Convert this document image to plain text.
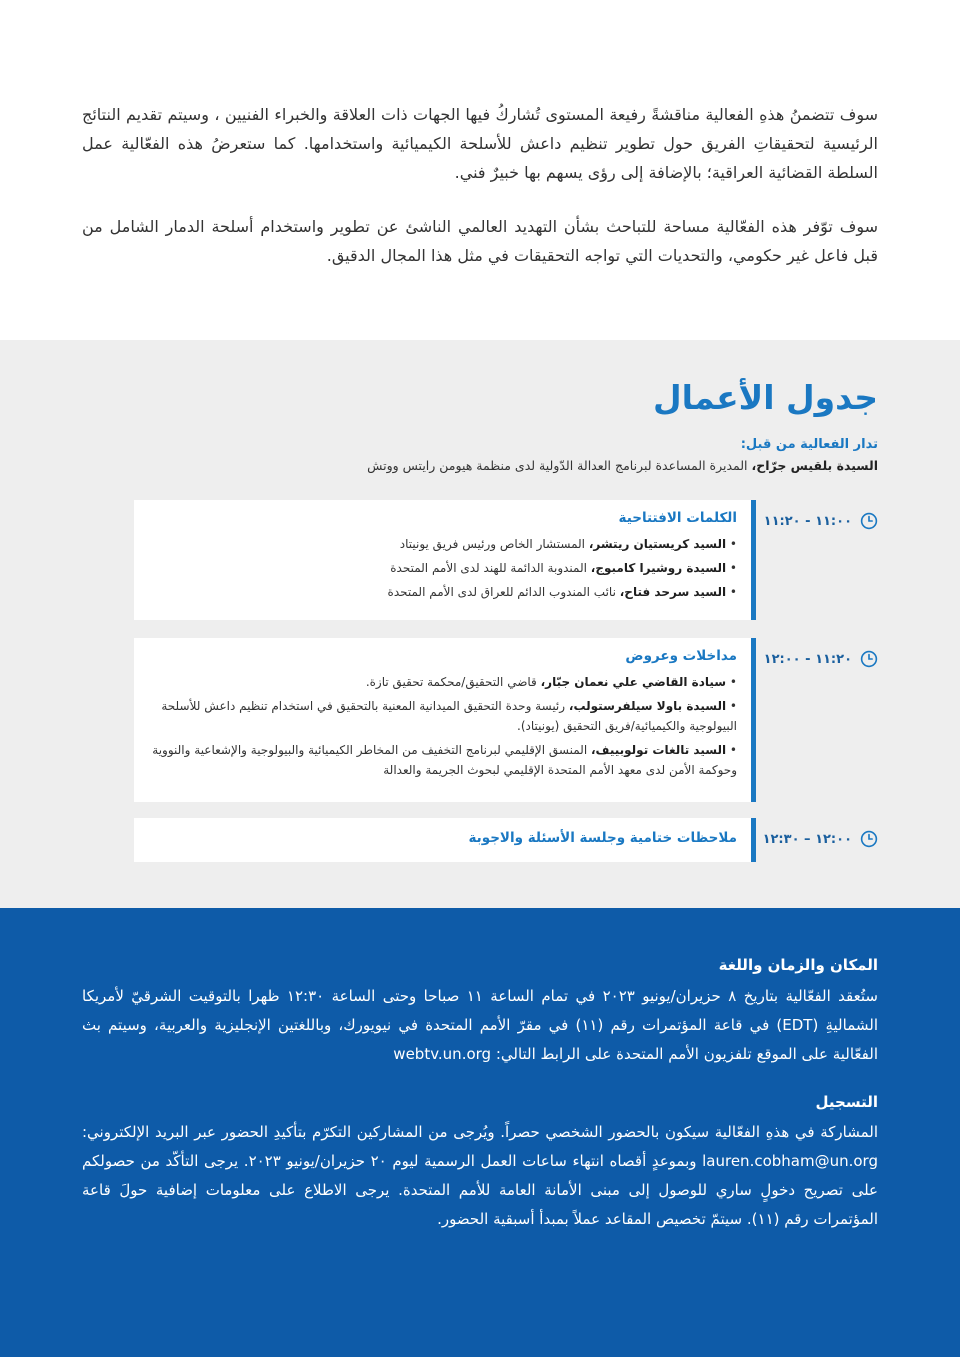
سوف تتضمنُ هذهِ الفعالية مناقشةً رفيعة المستوى تُشاركُ فيها الجهات ذات العلاقة والخبراء الفنيين ، وسيتم تقديم النتائج الرئيسية لتحقيقاتِ الفريق حول تطوير تنظيم داعش للأسلحة الكيميائية واستخدامها. كما ستعرضُ هذه الفعّالية عمل السلطة القضائية العراقية؛ بالإضافة إلى رؤى يسهم بها خبيرٌ فني.

سوف توّفر هذه الفعّالية مساحة للتباحث بشأن التهديد العالمي الناشئ عن تطوير واستخدام أسلحة الدمار الشامل من قبل فاعل غير حكومي، والتحديات التي تواجه التحقيقات في مثل هذا المجال الدقيق.

جدول الأعمال
تدار الفعالية من قبل:
السيدة بلقيس جرّاح، المديرة المساعدة لبرنامج العدالة الدّولية لدى منظمة هيومن رايتس ووتش
١١:٠٠ - ١١:٢٠
الكلمات الافتتاحية
• السيد كريستيان ريتشر، المستشار الخاص ورئيس فريق يونيتاد
• السيدة روشيرا كامبوج، المندوبة الدائمة للهند لدى الأمم المتحدة
• السيد سرحد فتاح، نائب المندوب الدائم للعراق لدى الأمم المتحدة
١١:٢٠ - ١٢:٠٠
مداخلات وعروض
• سيادة القاضي علي نعمان جبّار، قاضي التحقيق/محكمة تحقيق تازة.
• السيدة باولا سيلفرستولب، رئيسة وحدة التحقيق الميدانية المعنية بالتحقيق في استخدام تنظيم داعش للأسلحة البيولوجية والكيميائية/فريق التحقيق (يونيتاد).
• السيد تالغات تولوبييف، المنسق الإقليمي لبرنامج التخفيف من المخاطر الكيميائية والبيولوجية والإشعاعية والنووية وحوكمة الأمن لدى معهد الأمم المتحدة الإقليمي لبحوث الجريمة والعدالة
١٢:٠٠ – ١٢:٣٠
ملاحظات ختامية وجلسة الأسئلة والاجوبة
المكان والزمان واللغة

ستُعقد الفعّالية بتاريخ ٨ حزيران/يونيو ٢٠٢٣ في تمام الساعة ١١ صباحا وحتى الساعة ١٢:٣٠ ظهرا بالتوقيت الشرقيّ لأمريكا الشماليةِ (EDT) في قاعة المؤتمرات رقم (١١) في مقرّ الأمم المتحدة في نيويورك، وباللغتين الإنجليزية والعربية، وسيتم بث الفعّالية على الموقع تلفزيون الأمم المتحدة على الرابط التالي: webtv.un.org

التسجيل

المشاركة في هذهِ الفعّالية سيكون بالحضور الشخصي حصراً. ويُرجى من المشاركين التكرّم بتأكيدِ الحضور عبر البريد الإلكتروني: lauren.cobham@un.org وبموعدٍ أقصاه انتهاء ساعات العمل الرسمية ليوم ٢٠ حزيران/يونيو ٢٠٢٣. يرجى التأكّد من حصولكم على تصريح دخولٍ ساري للوصول إلى مبنى الأمانة العامة للأمم المتحدة. يرجى الاطلاع على معلومات إضافية حولَ قاعة المؤتمرات رقم (١١). سيتمّ تخصيص المقاعد عملاً بمبدأ أسبقية الحضور.
